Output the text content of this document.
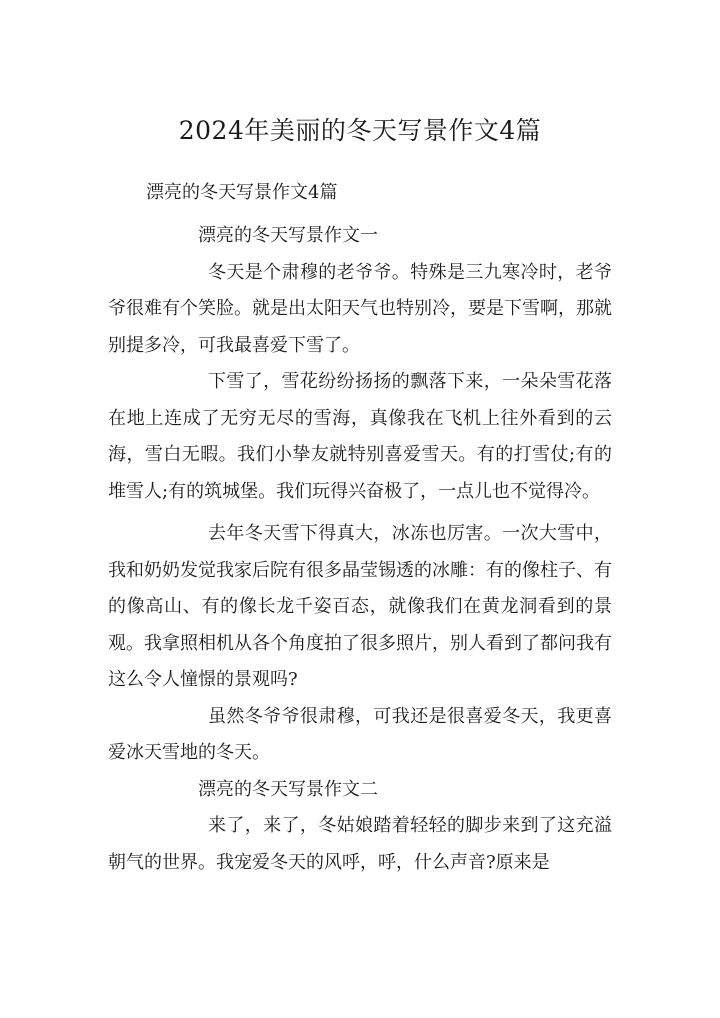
2024年美丽的冬天写景作文4篇
漂亮的冬天写景作文4篇

漂亮的冬天写景作文一

冬天是个肃穆的老爷爷。特殊是三九寒冷时，老爷爷很难有个笑脸。就是出太阳天气也特别冷，要是下雪啊，那就别提多冷，可我最喜爱下雪了。

下雪了，雪花纷纷扬扬的飘落下来，一朵朵雪花落在地上连成了无穷无尽的雪海，真像我在飞机上往外看到的云海，雪白无暇。我们小挚友就特别喜爱雪天。有的打雪仗;有的堆雪人;有的筑城堡。我们玩得兴奋极了，一点儿也不觉得冷。

去年冬天雪下得真大，冰冻也厉害。一次大雪中，我和奶奶发觉我家后院有很多晶莹锡透的冰雕：有的像柱子、有的像高山、有的像长龙千姿百态，就像我们在黄龙洞看到的景观。我拿照相机从各个角度拍了很多照片，别人看到了都问我有这么令人憧憬的景观吗?

虽然冬爷爷很肃穆，可我还是很喜爱冬天，我更喜爱冰天雪地的冬天。

漂亮的冬天写景作文二

来了，来了，冬姑娘踏着轻轻的脚步来到了这充溢朝气的世界。我宠爱冬天的风呼，呼，什么声音?原来是
